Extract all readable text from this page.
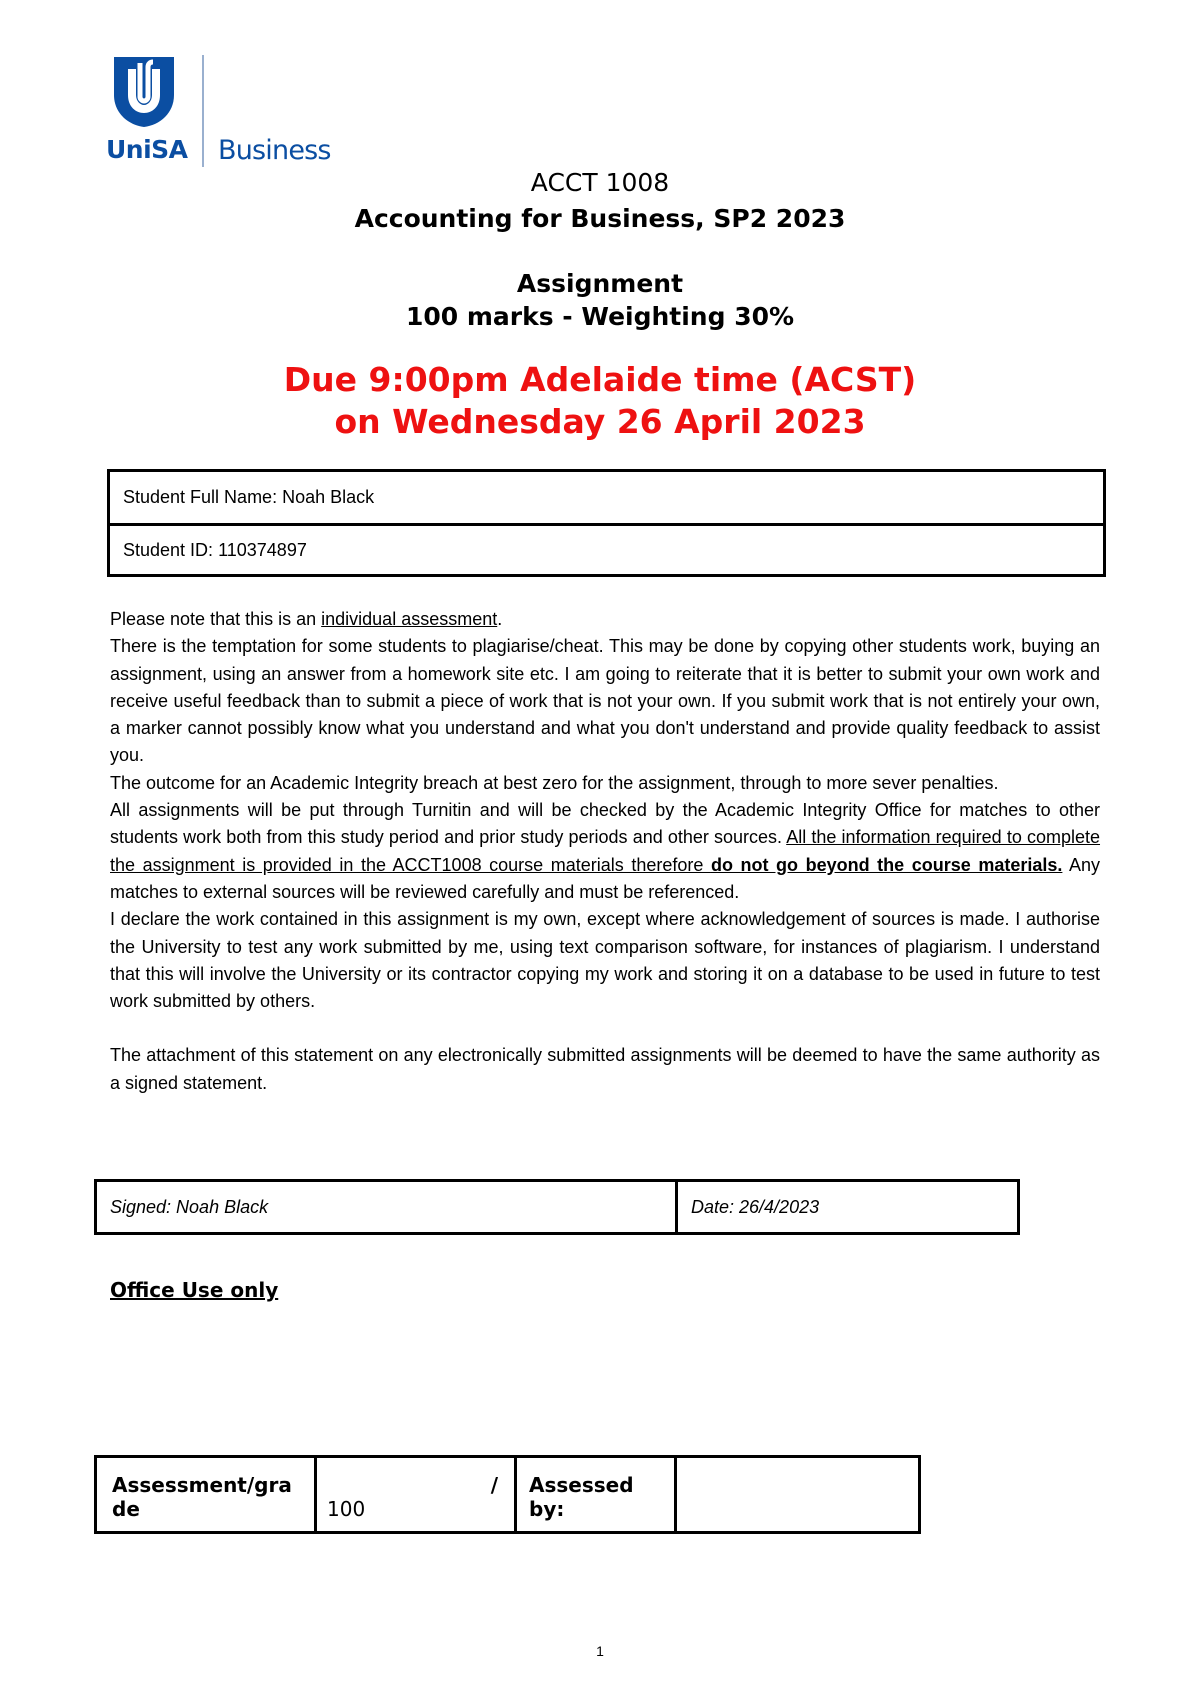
UniSA	Business
ACCT 1008
Accounting for Business, SP2 2023
Assignment
100 marks - Weighting 30%
Due 9:00pm Adelaide time (ACST)
on Wednesday 26 April 2023
Student Full Name:
Noah Black
Student ID:
110374897

Please note that this is an individual assessment.

There is the temptation for some students to plagiarise/cheat. This may be done by copying other students work, buying an assignment, using an answer from a homework site etc. I am going to reiterate that it is better to submit your own work and receive useful feedback than to submit a piece of work that is not your own. If you submit work that is not entirely your own, a marker cannot possibly know what you understand and what you don't understand and provide quality feedback to assist you.

The outcome for an Academic Integrity breach at best zero for the assignment, through to more sever penalties.

All assignments will be put through Turnitin and will be checked by the Academic Integrity Office for matches to other students work both from this study period and prior study periods and other sources. All the information required to complete the assignment is provided in the ACCT1008 course materials therefore do not go beyond the course materials. Any matches to external sources will be reviewed carefully and must be referenced.

I declare the work contained in this assignment is my own, except where acknowledgement of sources is made. I authorise the University to test any work submitted by me, using text comparison software, for instances of plagiarism. I understand that this will involve the University or its contractor copying my work and storing it on a database to be used in future to test work submitted by others.

The attachment of this statement on any electronically submitted assignments will be deemed to have the same authority as a signed statement.

Signed: Noah Black	Date: 26/4/2023
Office Use only
Assessment/gra
de
/
100
Assessed
by:
1
